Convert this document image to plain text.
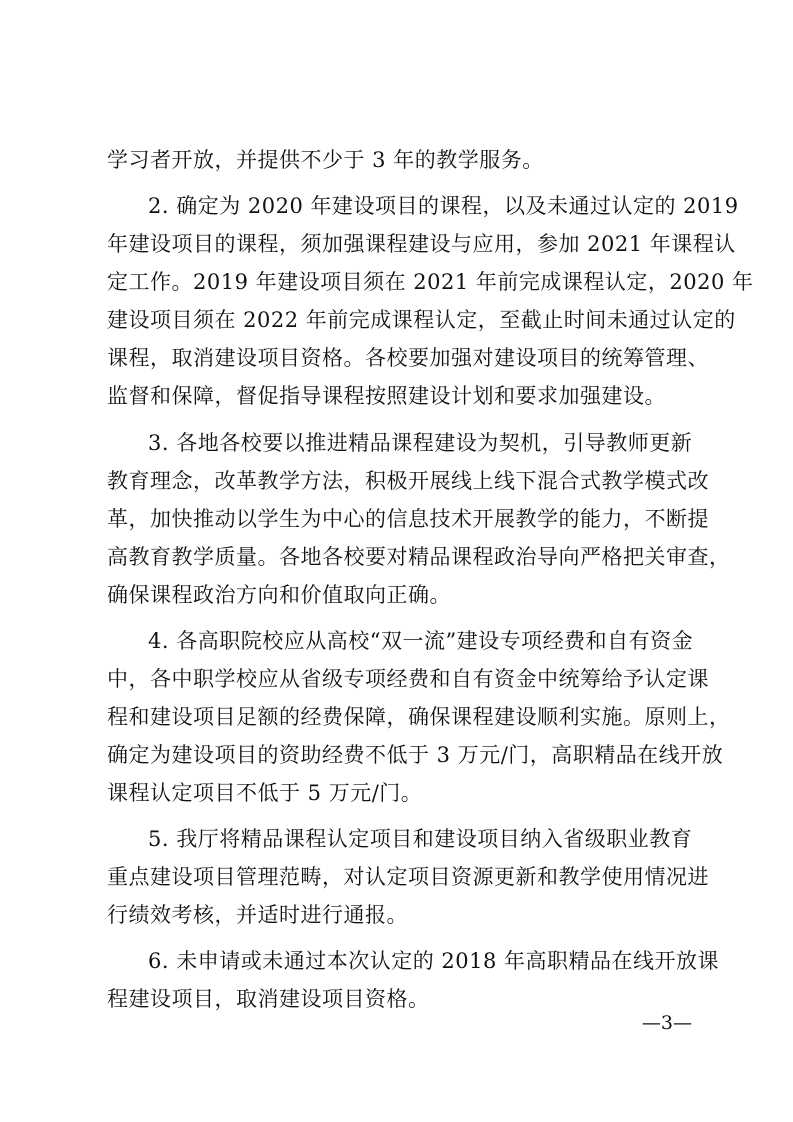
学习者开放，并提供不少于 3 年的教学服务。
2. 确定为 2020 年建设项目的课程，以及未通过认定的 2019
年建设项目的课程，须加强课程建设与应用，参加 2021 年课程认
定工作。2019 年建设项目须在 2021 年前完成课程认定，2020 年
建设项目须在 2022 年前完成课程认定，至截止时间未通过认定的
课程，取消建设项目资格。各校要加强对建设项目的统筹管理、
监督和保障，督促指导课程按照建设计划和要求加强建设。
3. 各地各校要以推进精品课程建设为契机，引导教师更新
教育理念，改革教学方法，积极开展线上线下混合式教学模式改
革，加快推动以学生为中心的信息技术开展教学的能力，不断提
高教育教学质量。各地各校要对精品课程政治导向严格把关审查，
确保课程政治方向和价值取向正确。
4. 各高职院校应从高校“双一流”建设专项经费和自有资金
中，各中职学校应从省级专项经费和自有资金中统筹给予认定课
程和建设项目足额的经费保障，确保课程建设顺利实施。原则上，
确定为建设项目的资助经费不低于 3 万元/门，高职精品在线开放
课程认定项目不低于 5 万元/门。
5. 我厅将精品课程认定项目和建设项目纳入省级职业教育
重点建设项目管理范畴，对认定项目资源更新和教学使用情况进
行绩效考核，并适时进行通报。
6. 未申请或未通过本次认定的 2018 年高职精品在线开放课
程建设项目，取消建设项目资格。
—3—
